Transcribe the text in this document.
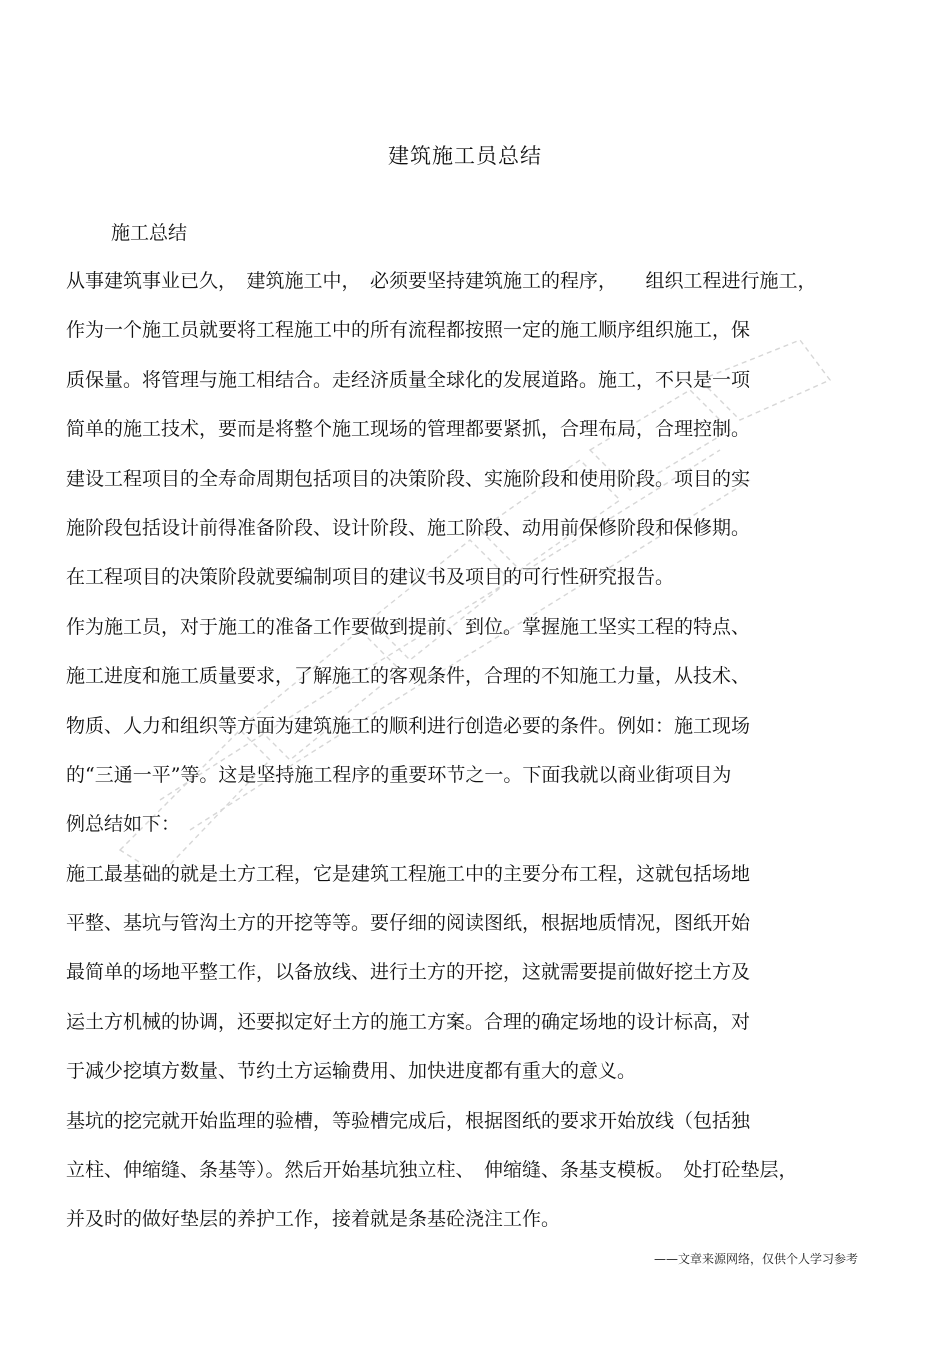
建筑施工员总结
施工总结
从事建筑事业已久，　建筑施工中，　必须要坚持建筑施工的程序，　　组织工程进行施工，
作为一个施工员就要将工程施工中的所有流程都按照一定的施工顺序组织施工，保
质保量。将管理与施工相结合。走经济质量全球化的发展道路。施工，不只是一项
简单的施工技术，要而是将整个施工现场的管理都要紧抓，合理布局，合理控制。
建设工程项目的全寿命周期包括项目的决策阶段、实施阶段和使用阶段。项目的实
施阶段包括设计前得准备阶段、设计阶段、施工阶段、动用前保修阶段和保修期。
在工程项目的决策阶段就要编制项目的建议书及项目的可行性研究报告。
作为施工员，对于施工的准备工作要做到提前、到位。掌握施工坚实工程的特点、
施工进度和施工质量要求，了解施工的客观条件，合理的不知施工力量，从技术、
物质、人力和组织等方面为建筑施工的顺利进行创造必要的条件。例如：施工现场
的“三通一平”等。这是坚持施工程序的重要环节之一。下面我就以商业街项目为
例总结如下：
施工最基础的就是土方工程，它是建筑工程施工中的主要分布工程，这就包括场地
平整、基坑与管沟土方的开挖等等。要仔细的阅读图纸，根据地质情况，图纸开始
最简单的场地平整工作，以备放线、进行土方的开挖，这就需要提前做好挖土方及
运土方机械的协调，还要拟定好土方的施工方案。合理的确定场地的设计标高，对
于减少挖填方数量、节约土方运输费用、加快进度都有重大的意义。
基坑的挖完就开始监理的验槽，等验槽完成后，根据图纸的要求开始放线（包括独
立柱、伸缩缝、条基等）。然后开始基坑独立柱、　伸缩缝、条基支模板。　处打砼垫层，
并及时的做好垫层的养护工作，接着就是条基砼浇注工作。
——文章来源网络，仅供个人学习参考
